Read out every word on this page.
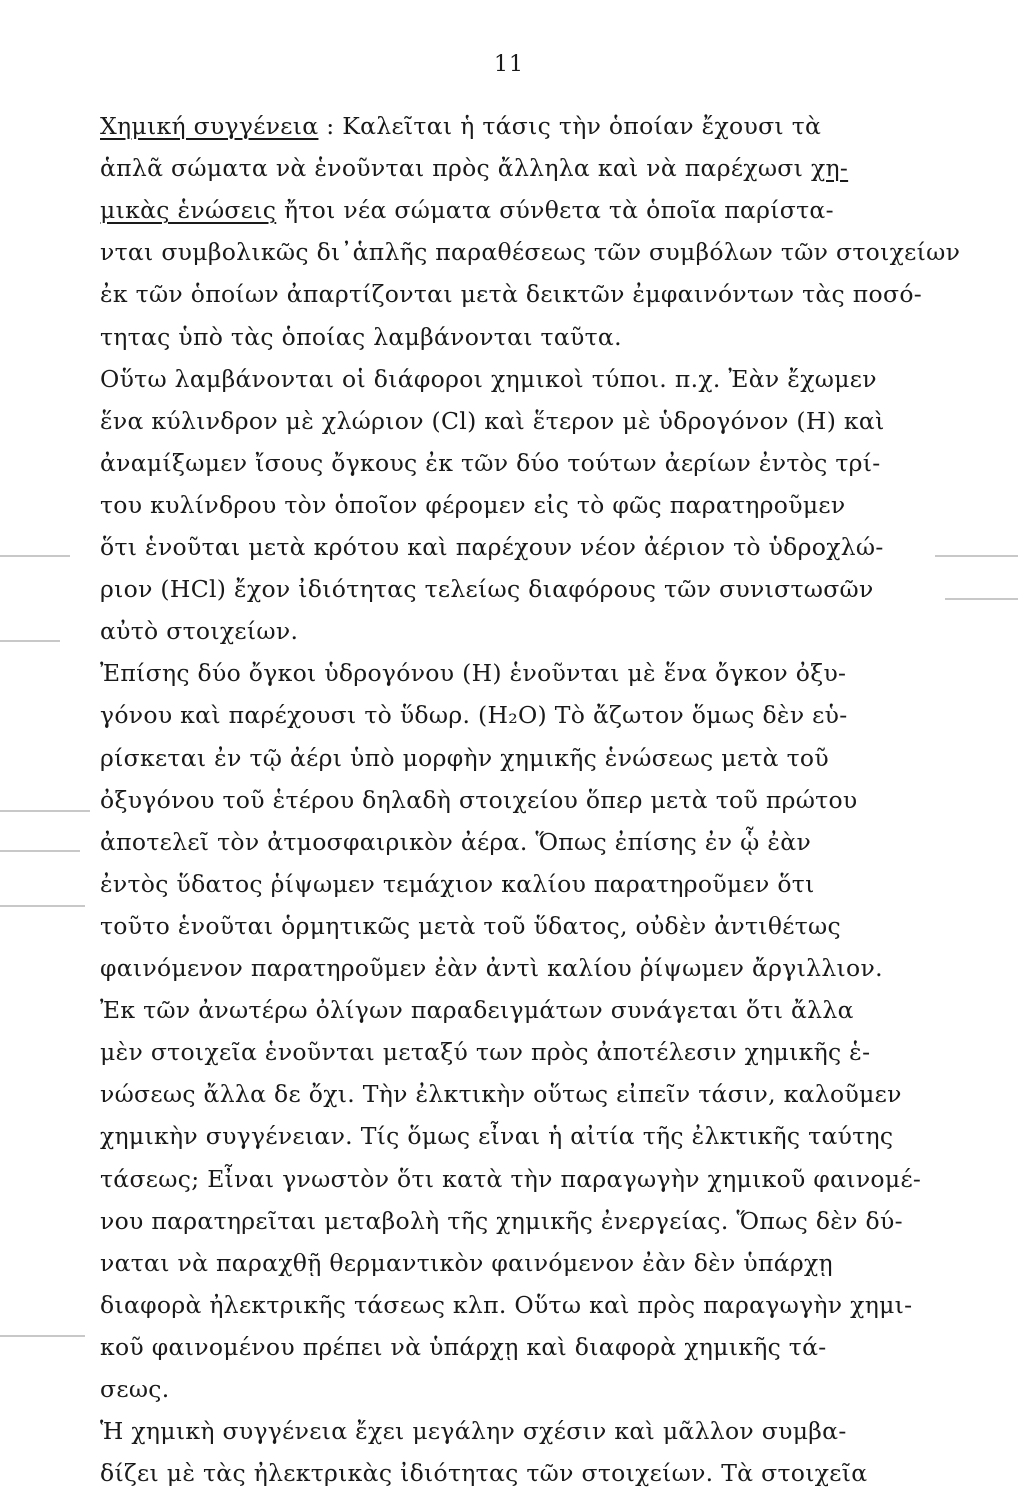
11
Χημική συγγένεια : Καλεῖται ἡ τάσις τὴν ὁποίαν ἔχουσι τὰ
ἁπλᾶ σώματα νὰ ἑνοῦνται πρὸς ἄλληλα καὶ νὰ παρέχωσι χη-
μικὰς ἑνώσεις ἤτοι νέα σώματα σύνθετα τὰ ὁποῖα παρίστα-
νται συμβολικῶς δι᾽ἁπλῆς παραθέσεως τῶν συμβόλων τῶν στοιχείων
ἐκ τῶν ὁποίων ἀπαρτίζονται μετὰ δεικτῶν ἐμφαινόντων τὰς ποσό-
τητας ὑπὸ τὰς ὁποίας λαμβάνονται ταῦτα.
Οὕτω λαμβάνονται οἱ διάφοροι χημικοὶ τύποι. π.χ. Ἐὰν ἔχωμεν
ἕνα κύλινδρον μὲ χλώριον (Cl) καὶ ἕτερον μὲ ὑδρογόνον (H) καὶ
ἀναμίξωμεν ἴσους ὄγκους ἐκ τῶν δύο τούτων ἀερίων ἐντὸς τρί-
του κυλίνδρου τὸν ὁποῖον φέρομεν εἰς τὸ φῶς παρατηροῦμεν
ὅτι ἑνοῦται μετὰ κρότου καὶ παρέχουν νέον ἀέριον τὸ ὑδροχλώ-
ριον (HCl) ἔχον ἰδιότητας τελείως διαφόρους τῶν συνιστωσῶν
αὐτὸ στοιχείων.
Ἐπίσης δύο ὄγκοι ὑδρογόνου (H) ἑνοῦνται μὲ ἕνα ὄγκον ὀξυ-
γόνου καὶ παρέχουσι τὸ ὕδωρ. (H₂O) Τὸ ἄζωτον ὅμως δὲν εὑ-
ρίσκεται ἐν τῷ ἀέρι ὑπὸ μορφὴν χημικῆς ἑνώσεως μετὰ τοῦ
ὀξυγόνου τοῦ ἑτέρου δηλαδὴ στοιχείου ὅπερ μετὰ τοῦ πρώτου
ἀποτελεῖ τὸν ἀτμοσφαιρικὸν ἀέρα. Ὅπως ἐπίσης ἐν ᾧ ἐὰν
ἐντὸς ὕδατος ῥίψωμεν τεμάχιον καλίου παρατηροῦμεν ὅτι
τοῦτο ἑνοῦται ὁρμητικῶς μετὰ τοῦ ὕδατος, οὐδὲν ἀντιθέτως
φαινόμενον παρατηροῦμεν ἐὰν ἀντὶ καλίου ῥίψωμεν ἄργιλλιον.
Ἐκ τῶν ἀνωτέρω ὀλίγων παραδειγμάτων συνάγεται ὅτι ἄλλα
μὲν στοιχεῖα ἑνοῦνται μεταξύ των πρὸς ἀποτέλεσιν χημικῆς ἑ-
νώσεως ἄλλα δε ὄχι. Τὴν ἐλκτικὴν οὕτως εἰπεῖν τάσιν, καλοῦμεν
χημικὴν συγγένειαν. Τίς ὅμως εἶναι ἡ αἰτία τῆς ἐλκτικῆς ταύτης
τάσεως; Εἶναι γνωστὸν ὅτι κατὰ τὴν παραγωγὴν χημικοῦ φαινομέ-
νου παρατηρεῖται μεταβολὴ τῆς χημικῆς ἐνεργείας. Ὅπως δὲν δύ-
ναται νὰ παραχθῇ θερμαντικὸν φαινόμενον ἐὰν δὲν ὑπάρχῃ
διαφορὰ ἠλεκτρικῆς τάσεως κλπ. Οὕτω καὶ πρὸς παραγωγὴν χημι-
κοῦ φαινομένου πρέπει νὰ ὑπάρχῃ καὶ διαφορὰ χημικῆς τά-
σεως.
Ἡ χημικὴ συγγένεια ἔχει μεγάλην σχέσιν καὶ μᾶλλον συμβα-
δίζει μὲ τὰς ἠλεκτρικὰς ἰδιότητας τῶν στοιχείων. Τὰ στοιχεῖα
